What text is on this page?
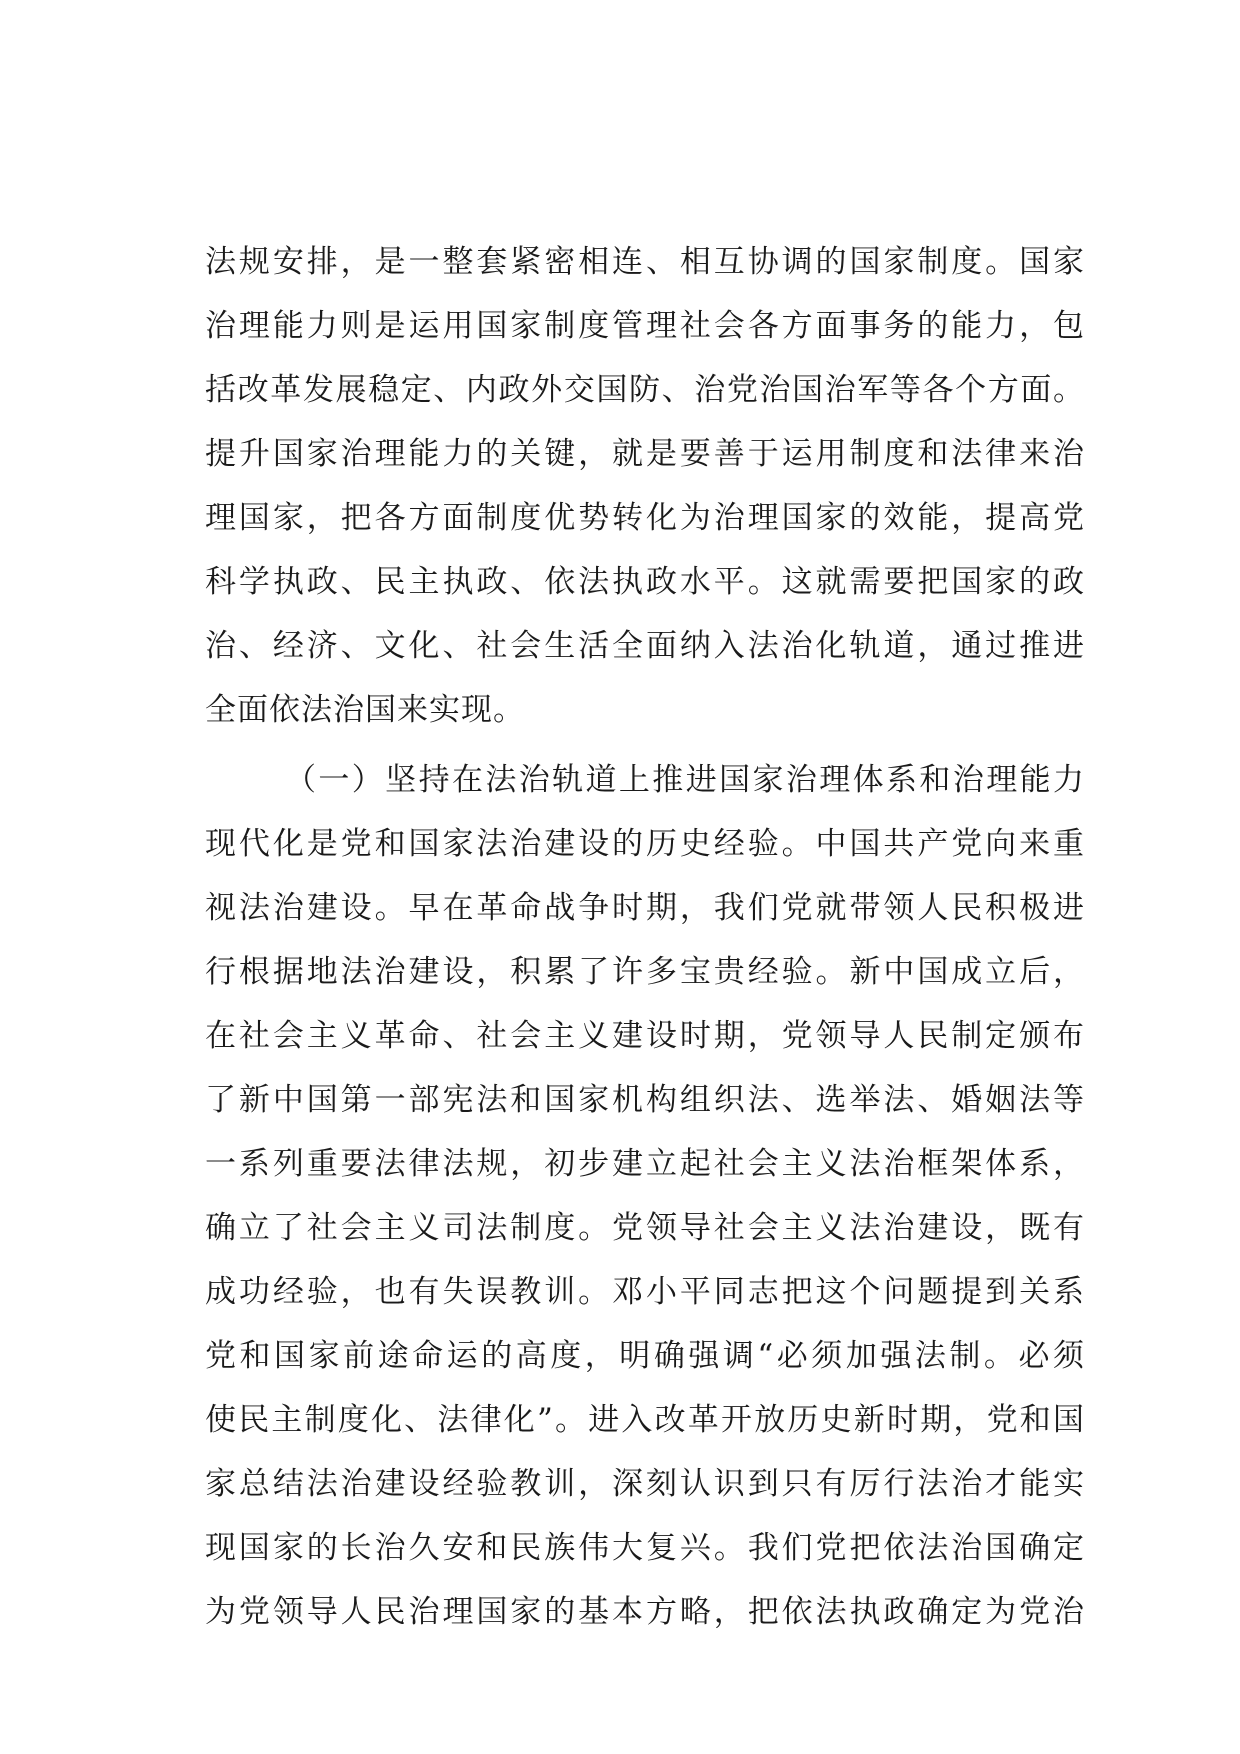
法规安排，是一整套紧密相连、相互协调的国家制度。国家
治理能力则是运用国家制度管理社会各方面事务的能力，包
括改革发展稳定、内政外交国防、治党治国治军等各个方面。
提升国家治理能力的关键，就是要善于运用制度和法律来治
理国家，把各方面制度优势转化为治理国家的效能，提高党
科学执政、民主执政、依法执政水平。这就需要把国家的政
治、经济、文化、社会生活全面纳入法治化轨道，通过推进
全面依法治国来实现。
（一）坚持在法治轨道上推进国家治理体系和治理能力
现代化是党和国家法治建设的历史经验。中国共产党向来重
视法治建设。早在革命战争时期，我们党就带领人民积极进
行根据地法治建设，积累了许多宝贵经验。新中国成立后，
在社会主义革命、社会主义建设时期，党领导人民制定颁布
了新中国第一部宪法和国家机构组织法、选举法、婚姻法等
一系列重要法律法规，初步建立起社会主义法治框架体系，
确立了社会主义司法制度。党领导社会主义法治建设，既有
成功经验，也有失误教训。邓小平同志把这个问题提到关系
党和国家前途命运的高度，明确强调“必须加强法制。必须
使民主制度化、法律化”。进入改革开放历史新时期，党和国
家总结法治建设经验教训，深刻认识到只有厉行法治才能实
现国家的长治久安和民族伟大复兴。我们党把依法治国确定
为党领导人民治理国家的基本方略，把依法执政确定为党治
